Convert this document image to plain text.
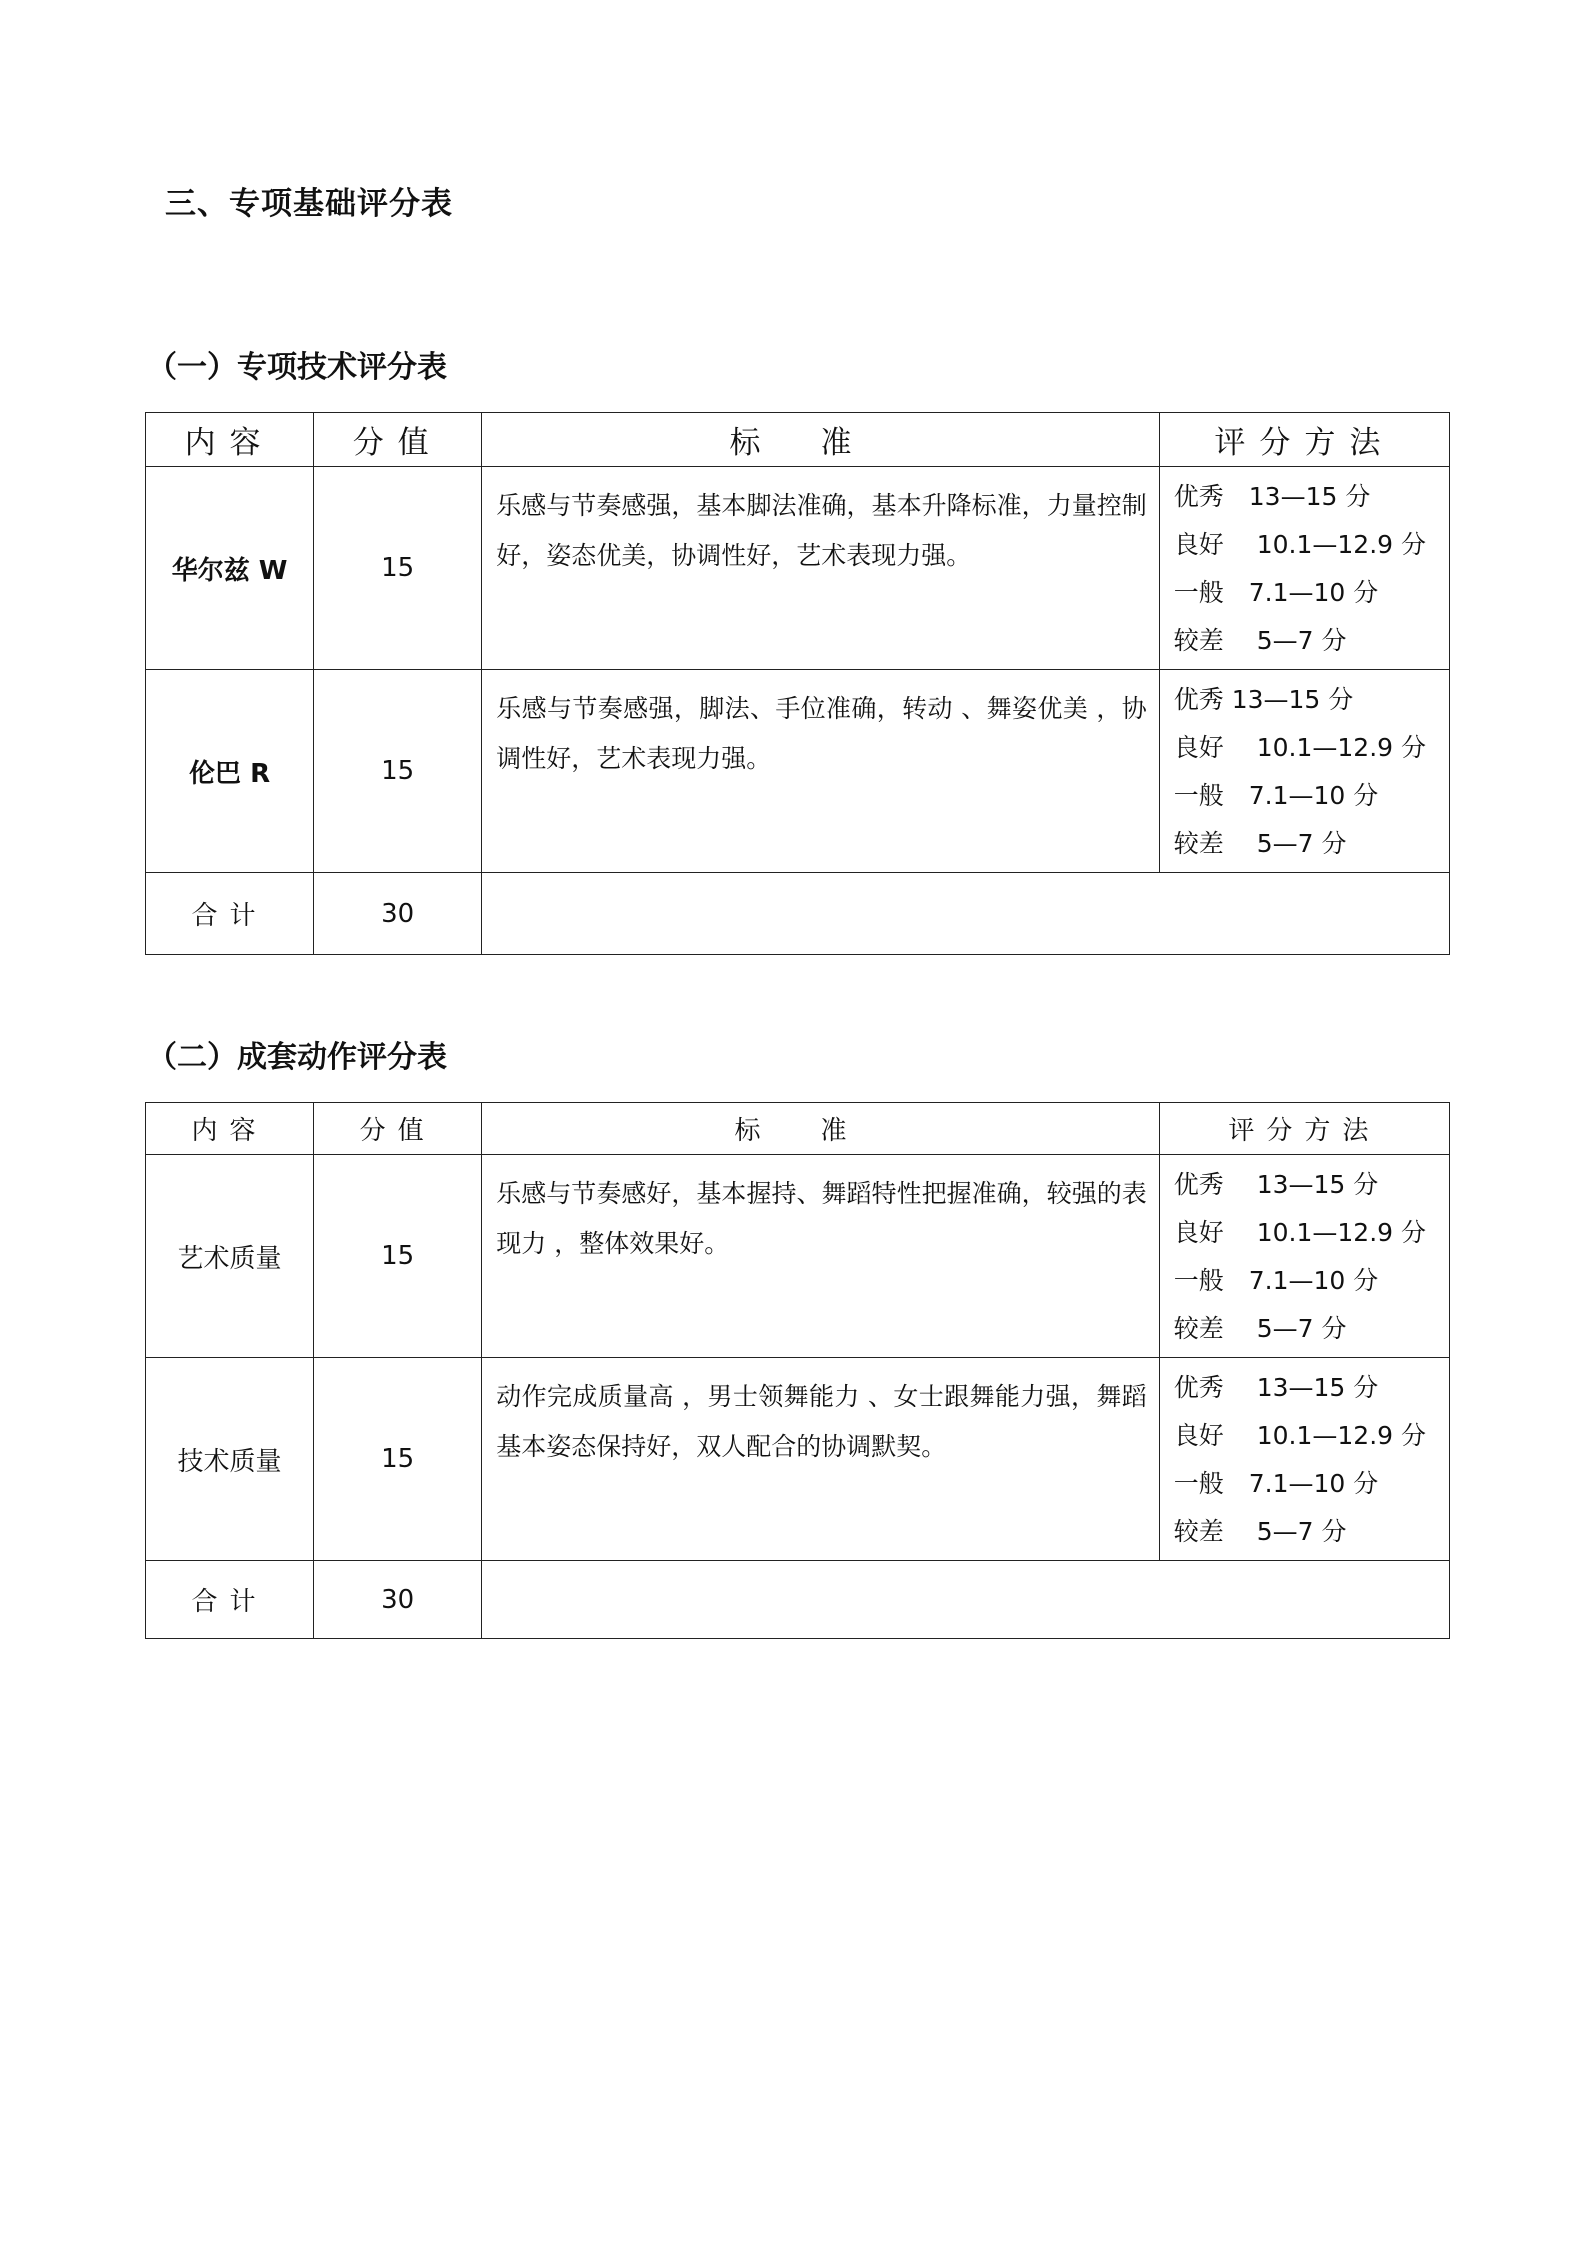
三、专项基础评分表
（一）专项技术评分表
内容	分值	标准	评分方法
华尔兹 W	15	乐感与节奏感强，基本脚法准确，基本升降标准，力量控制 好，姿态优美，协调性好，艺术表现力强。	优秀　13—15 分
良好　 10.1—12.9 分
一般　7.1—10 分
较差　 5—7 分

伦巴 R	15	乐感与节奏感强，脚法、手位准确，转动 、舞姿优美 ，协调性好，艺术表现力强。	优秀 13—15 分
良好　 10.1—12.9 分
一般　7.1—10 分
较差　 5—7 分

合计	30		
（二）成套动作评分表
内容	分值	标准	评分方法
艺术质量	15	乐感与节奏感好，基本握持、舞蹈特性把握准确，较强的表现力 ，整体效果好。	优秀　 13—15 分
良好　 10.1—12.9 分
一般　7.1—10 分
较差　 5—7 分

技术质量	15	动作完成质量高 ，男士领舞能力 、女士跟舞能力强，舞蹈基本姿态保持好，双人配合的协调默契。	优秀　 13—15 分
良好　 10.1—12.9 分
一般　7.1—10 分
较差　 5—7 分

合计	30		
